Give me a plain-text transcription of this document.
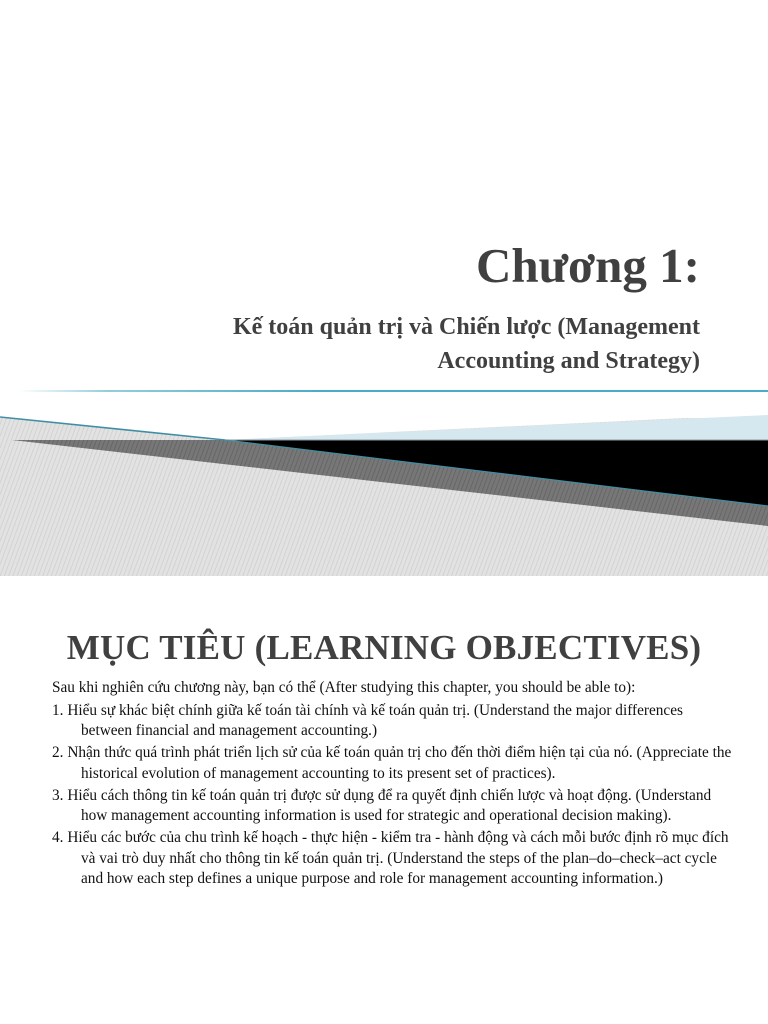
Chương 1:
Kế toán quản trị và Chiến lược (Management
Accounting and Strategy)
MỤC TIÊU (LEARNING OBJECTIVES)

Sau khi nghiên cứu chương này, bạn có thể (After studying this chapter, you should be able to):

1. Hiểu sự khác biệt chính giữa kế toán tài chính và kế toán quản trị. (Understand the major differences between financial and management accounting.)

2. Nhận thức quá trình phát triển lịch sử của kế toán quản trị cho đến thời điểm hiện tại của nó. (Appreciate the historical evolution of management accounting to its present set of practices).

3. Hiểu cách thông tin kế toán quản trị được sử dụng để ra quyết định chiến lược và hoạt động. (Understand how management accounting information is used for strategic and operational decision making).

4. Hiểu các bước của chu trình kế hoạch - thực hiện - kiểm tra - hành động và cách mỗi bước định rõ mục đích và vai trò duy nhất cho thông tin kế toán quản trị. (Understand the steps of the plan–do–check–act cycle and how each step defines a unique purpose and role for management accounting information.)
